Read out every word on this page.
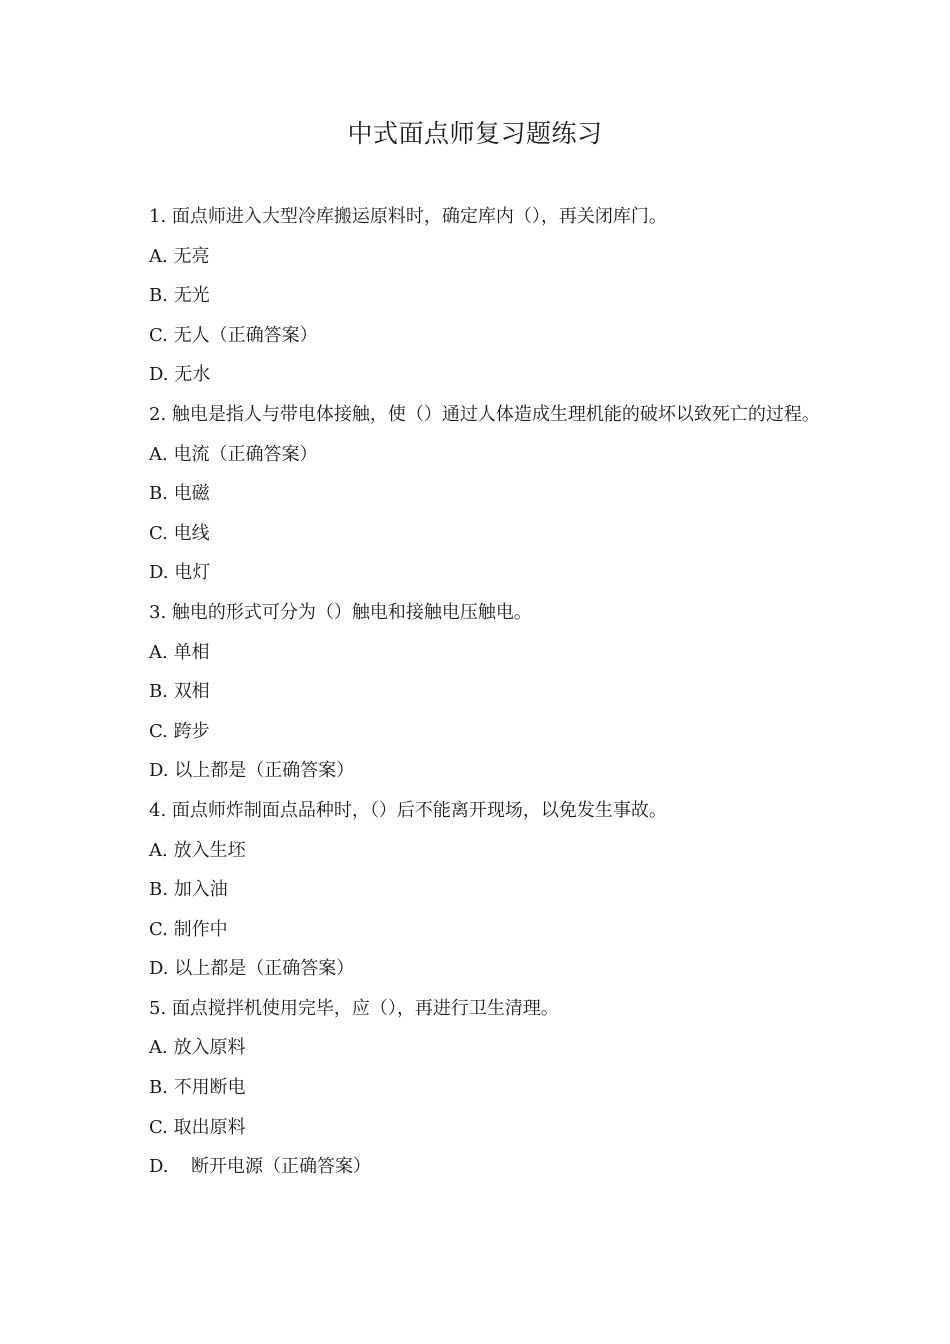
中式面点师复习题练习

1. 面点师进入大型冷库搬运原料时，确定库内（），再关闭库门。

A. 无亮

B. 无光

C. 无人（正确答案）

D. 无水

2. 触电是指人与带电体接触，使（）通过人体造成生理机能的破坏以致死亡的过程。

A. 电流（正确答案）

B. 电磁

C. 电线

D. 电灯

3. 触电的形式可分为（）触电和接触电压触电。

A. 单相

B. 双相

C. 跨步

D. 以上都是（正确答案）

4. 面点师炸制面点品种时，（）后不能离开现场，以免发生事故。

A. 放入生坯

B. 加入油

C. 制作中

D. 以上都是（正确答案）

5. 面点搅拌机使用完毕，应（），再进行卫生清理。

A. 放入原料

B. 不用断电

C. 取出原料

D. 断开电源（正确答案）
